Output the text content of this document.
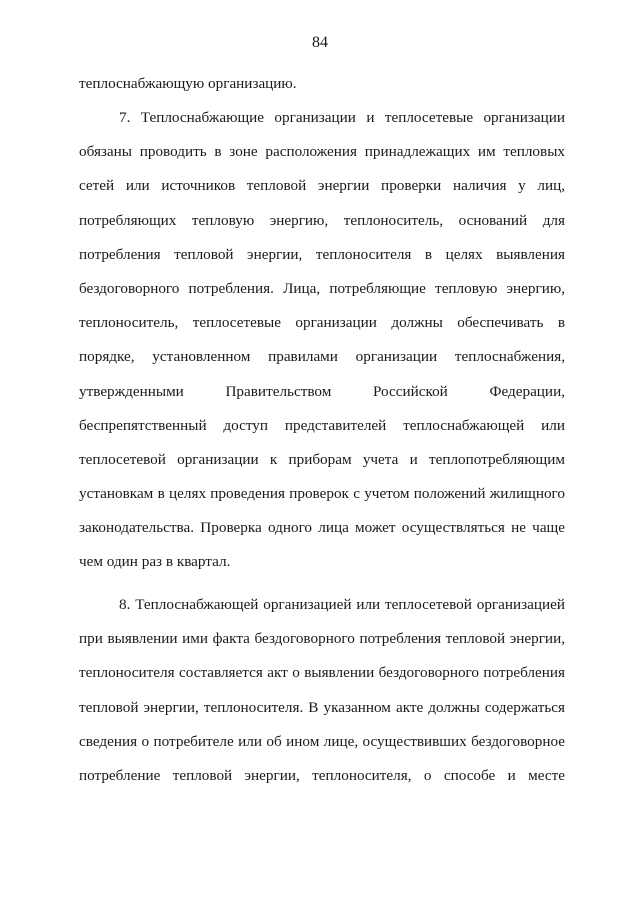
84
теплоснабжающую организацию.
7. Теплоснабжающие организации и теплосетевые организации
обязаны проводить в зоне расположения принадлежащих им тепловых
сетей или источников тепловой энергии проверки наличия у лиц,
потребляющих тепловую энергию, теплоноситель, оснований для
потребления тепловой энергии, теплоносителя в целях выявления
бездоговорного потребления. Лица, потребляющие тепловую энергию,
теплоноситель, теплосетевые организации должны обеспечивать в
порядке, установленном правилами организации теплоснабжения,
утвержденными Правительством Российской Федерации,
беспрепятственный доступ представителей теплоснабжающей или
теплосетевой организации к приборам учета и теплопотребляющим
установкам в целях проведения проверок с учетом положений жилищного
законодательства. Проверка одного лица может осуществляться не чаще
чем один раз в квартал.
8. Теплоснабжающей организацией или теплосетевой организацией
при выявлении ими факта бездоговорного потребления тепловой энергии,
теплоносителя составляется акт о выявлении бездоговорного потребления
тепловой энергии, теплоносителя. В указанном акте должны содержаться
сведения о потребителе или об ином лице, осуществивших бездоговорное
потребление тепловой энергии, теплоносителя, о способе и месте
